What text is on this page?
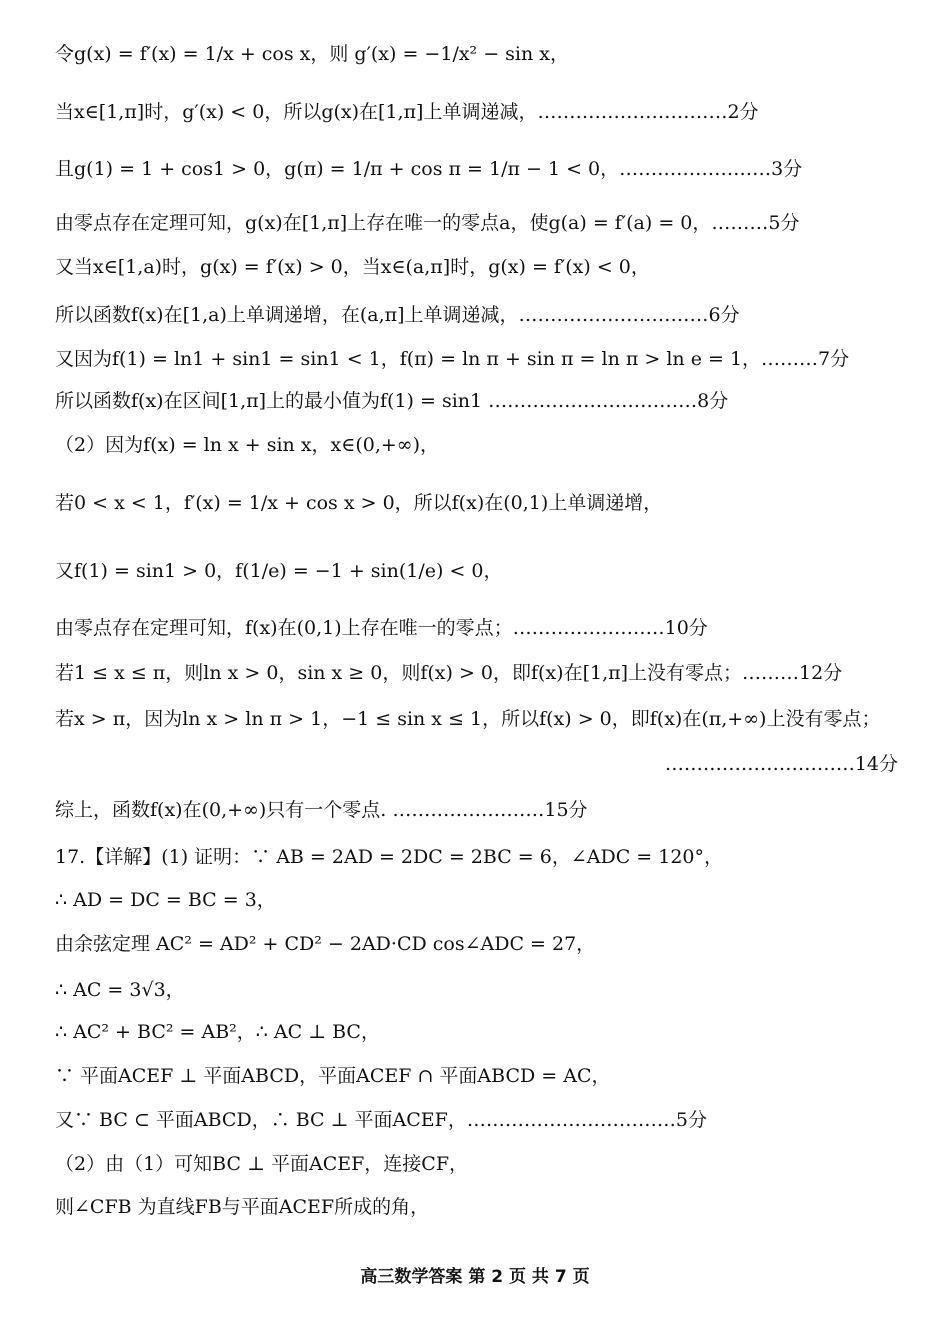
令g(x) = f′(x) = 1/x + cos x，则 g′(x) = −1/x² − sin x，
当x∈[1,π]时，g′(x) < 0，所以g(x)在[1,π]上单调递减，…………………………2分
且g(1) = 1 + cos1 > 0，g(π) = 1/π + cos π = 1/π − 1 < 0，……………………3分
由零点存在定理可知，g(x)在[1,π]上存在唯一的零点a，使g(a) = f′(a) = 0，………5分
又当x∈[1,a)时，g(x) = f′(x) > 0，当x∈(a,π]时，g(x) = f′(x) < 0，
所以函数f(x)在[1,a)上单调递增，在(a,π]上单调递减，…………………………6分
又因为f(1) = ln1 + sin1 = sin1 < 1，f(π) = ln π + sin π = ln π > ln e = 1，………7分
所以函数f(x)在区间[1,π]上的最小值为f(1) = sin1 ……………………………8分
（2）因为f(x) = ln x + sin x，x∈(0,+∞)，
若0 < x < 1，f′(x) = 1/x + cos x > 0，所以f(x)在(0,1)上单调递增，
又f(1) = sin1 > 0，f(1/e) = −1 + sin(1/e) < 0，
由零点存在定理可知，f(x)在(0,1)上存在唯一的零点；……………………10分
若1 ≤ x ≤ π，则ln x > 0，sin x ≥ 0，则f(x) > 0，即f(x)在[1,π]上没有零点；………12分
若x > π，因为ln x > ln π > 1，−1 ≤ sin x ≤ 1，所以f(x) > 0，即f(x)在(π,+∞)上没有零点；
…………………………14分
综上，函数f(x)在(0,+∞)只有一个零点. ……………………15分
17.【详解】(1) 证明：∵ AB = 2AD = 2DC = 2BC = 6，∠ADC = 120°，
∴ AD = DC = BC = 3，
由余弦定理 AC² = AD² + CD² − 2AD·CD cos∠ADC = 27，
∴ AC = 3√3，
∴ AC² + BC² = AB²，∴ AC ⊥ BC，
∵ 平面ACEF ⊥ 平面ABCD，平面ACEF ∩ 平面ABCD = AC，
又∵ BC ⊂ 平面ABCD，∴ BC ⊥ 平面ACEF，……………………………5分
（2）由（1）可知BC ⊥ 平面ACEF，连接CF，
则∠CFB 为直线FB与平面ACEF所成的角，
高三数学答案 第 2 页 共 7 页
